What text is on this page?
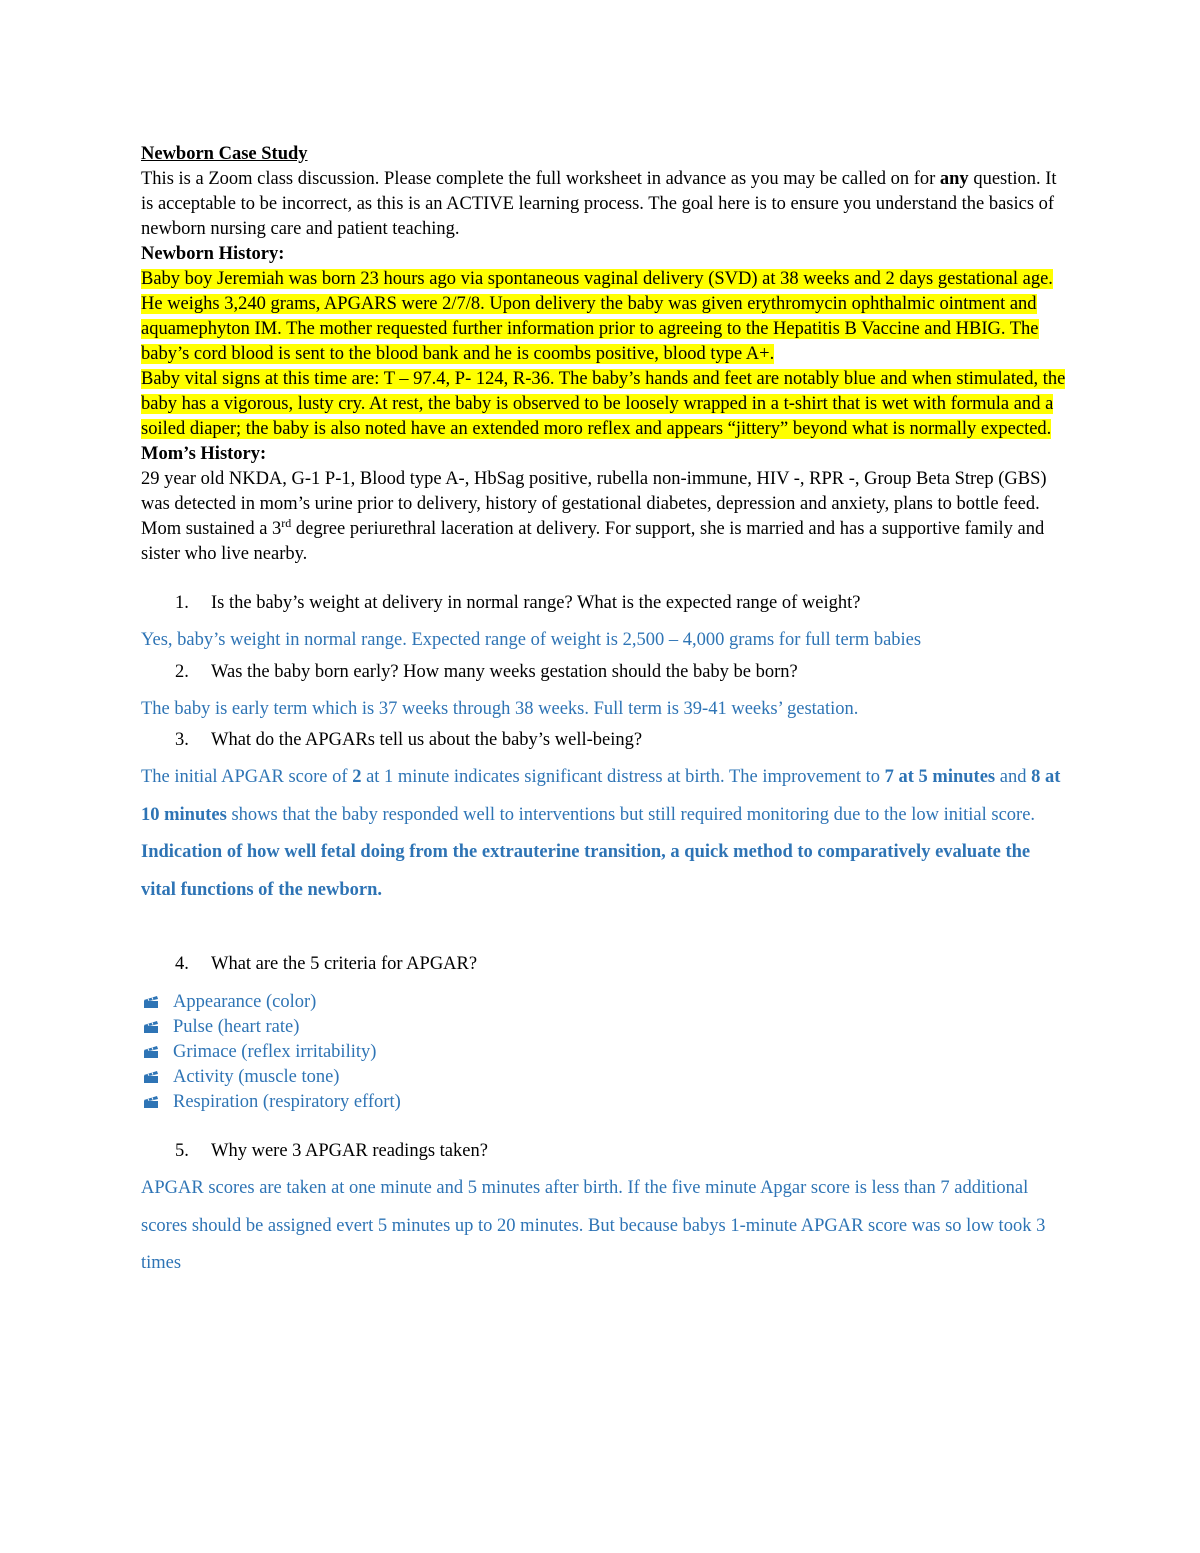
Newborn Case Study
This is a Zoom class discussion. Please complete the full worksheet in advance as you may be called on for any question. It is acceptable to be incorrect, as this is an ACTIVE learning process. The goal here is to ensure you understand the basics of newborn nursing care and patient teaching.
Newborn History:
Baby boy Jeremiah was born 23 hours ago via spontaneous vaginal delivery (SVD) at 38 weeks and 2 days gestational age. He weighs 3,240 grams, APGARS were 2/7/8. Upon delivery the baby was given erythromycin ophthalmic ointment and aquamephyton IM. The mother requested further information prior to agreeing to the Hepatitis B Vaccine and HBIG. The baby’s cord blood is sent to the blood bank and he is coombs positive, blood type A+.
Baby vital signs at this time are: T – 97.4, P- 124, R-36. The baby’s hands and feet are notably blue and when stimulated, the baby has a vigorous, lusty cry. At rest, the baby is observed to be loosely wrapped in a t-shirt that is wet with formula and a soiled diaper; the baby is also noted have an extended moro reflex and appears “jittery” beyond what is normally expected.
Mom’s History:
29 year old NKDA, G-1 P-1, Blood type A-, HbSag positive, rubella non-immune, HIV -, RPR -, Group Beta Strep (GBS) was detected in mom’s urine prior to delivery, history of gestational diabetes, depression and anxiety, plans to bottle feed. Mom sustained a 3rd degree periurethral laceration at delivery. For support, she is married and has a supportive family and sister who live nearby.
1. Is the baby’s weight at delivery in normal range? What is the expected range of weight?
Yes, baby’s weight in normal range. Expected range of weight is 2,500 – 4,000 grams for full term babies
2. Was the baby born early? How many weeks gestation should the baby be born?
The baby is early term which is 37 weeks through 38 weeks. Full term is 39-41 weeks’ gestation.
3. What do the APGARs tell us about the baby’s well-being?
The initial APGAR score of 2 at 1 minute indicates significant distress at birth. The improvement to 7 at 5 minutes and 8 at 10 minutes shows that the baby responded well to interventions but still required monitoring due to the low initial score.
Indication of how well fetal doing from the extrauterine transition, a quick method to comparatively evaluate the vital functions of the newborn.
4. What are the 5 criteria for APGAR?
Appearance (color)
Pulse (heart rate)
Grimace (reflex irritability)
Activity (muscle tone)
Respiration (respiratory effort)
5. Why were 3 APGAR readings taken?
APGAR scores are taken at one minute and 5 minutes after birth. If the five minute Apgar score is less than 7 additional scores should be assigned evert 5 minutes up to 20 minutes. But because babys 1-minute APGAR score was so low took 3 times
